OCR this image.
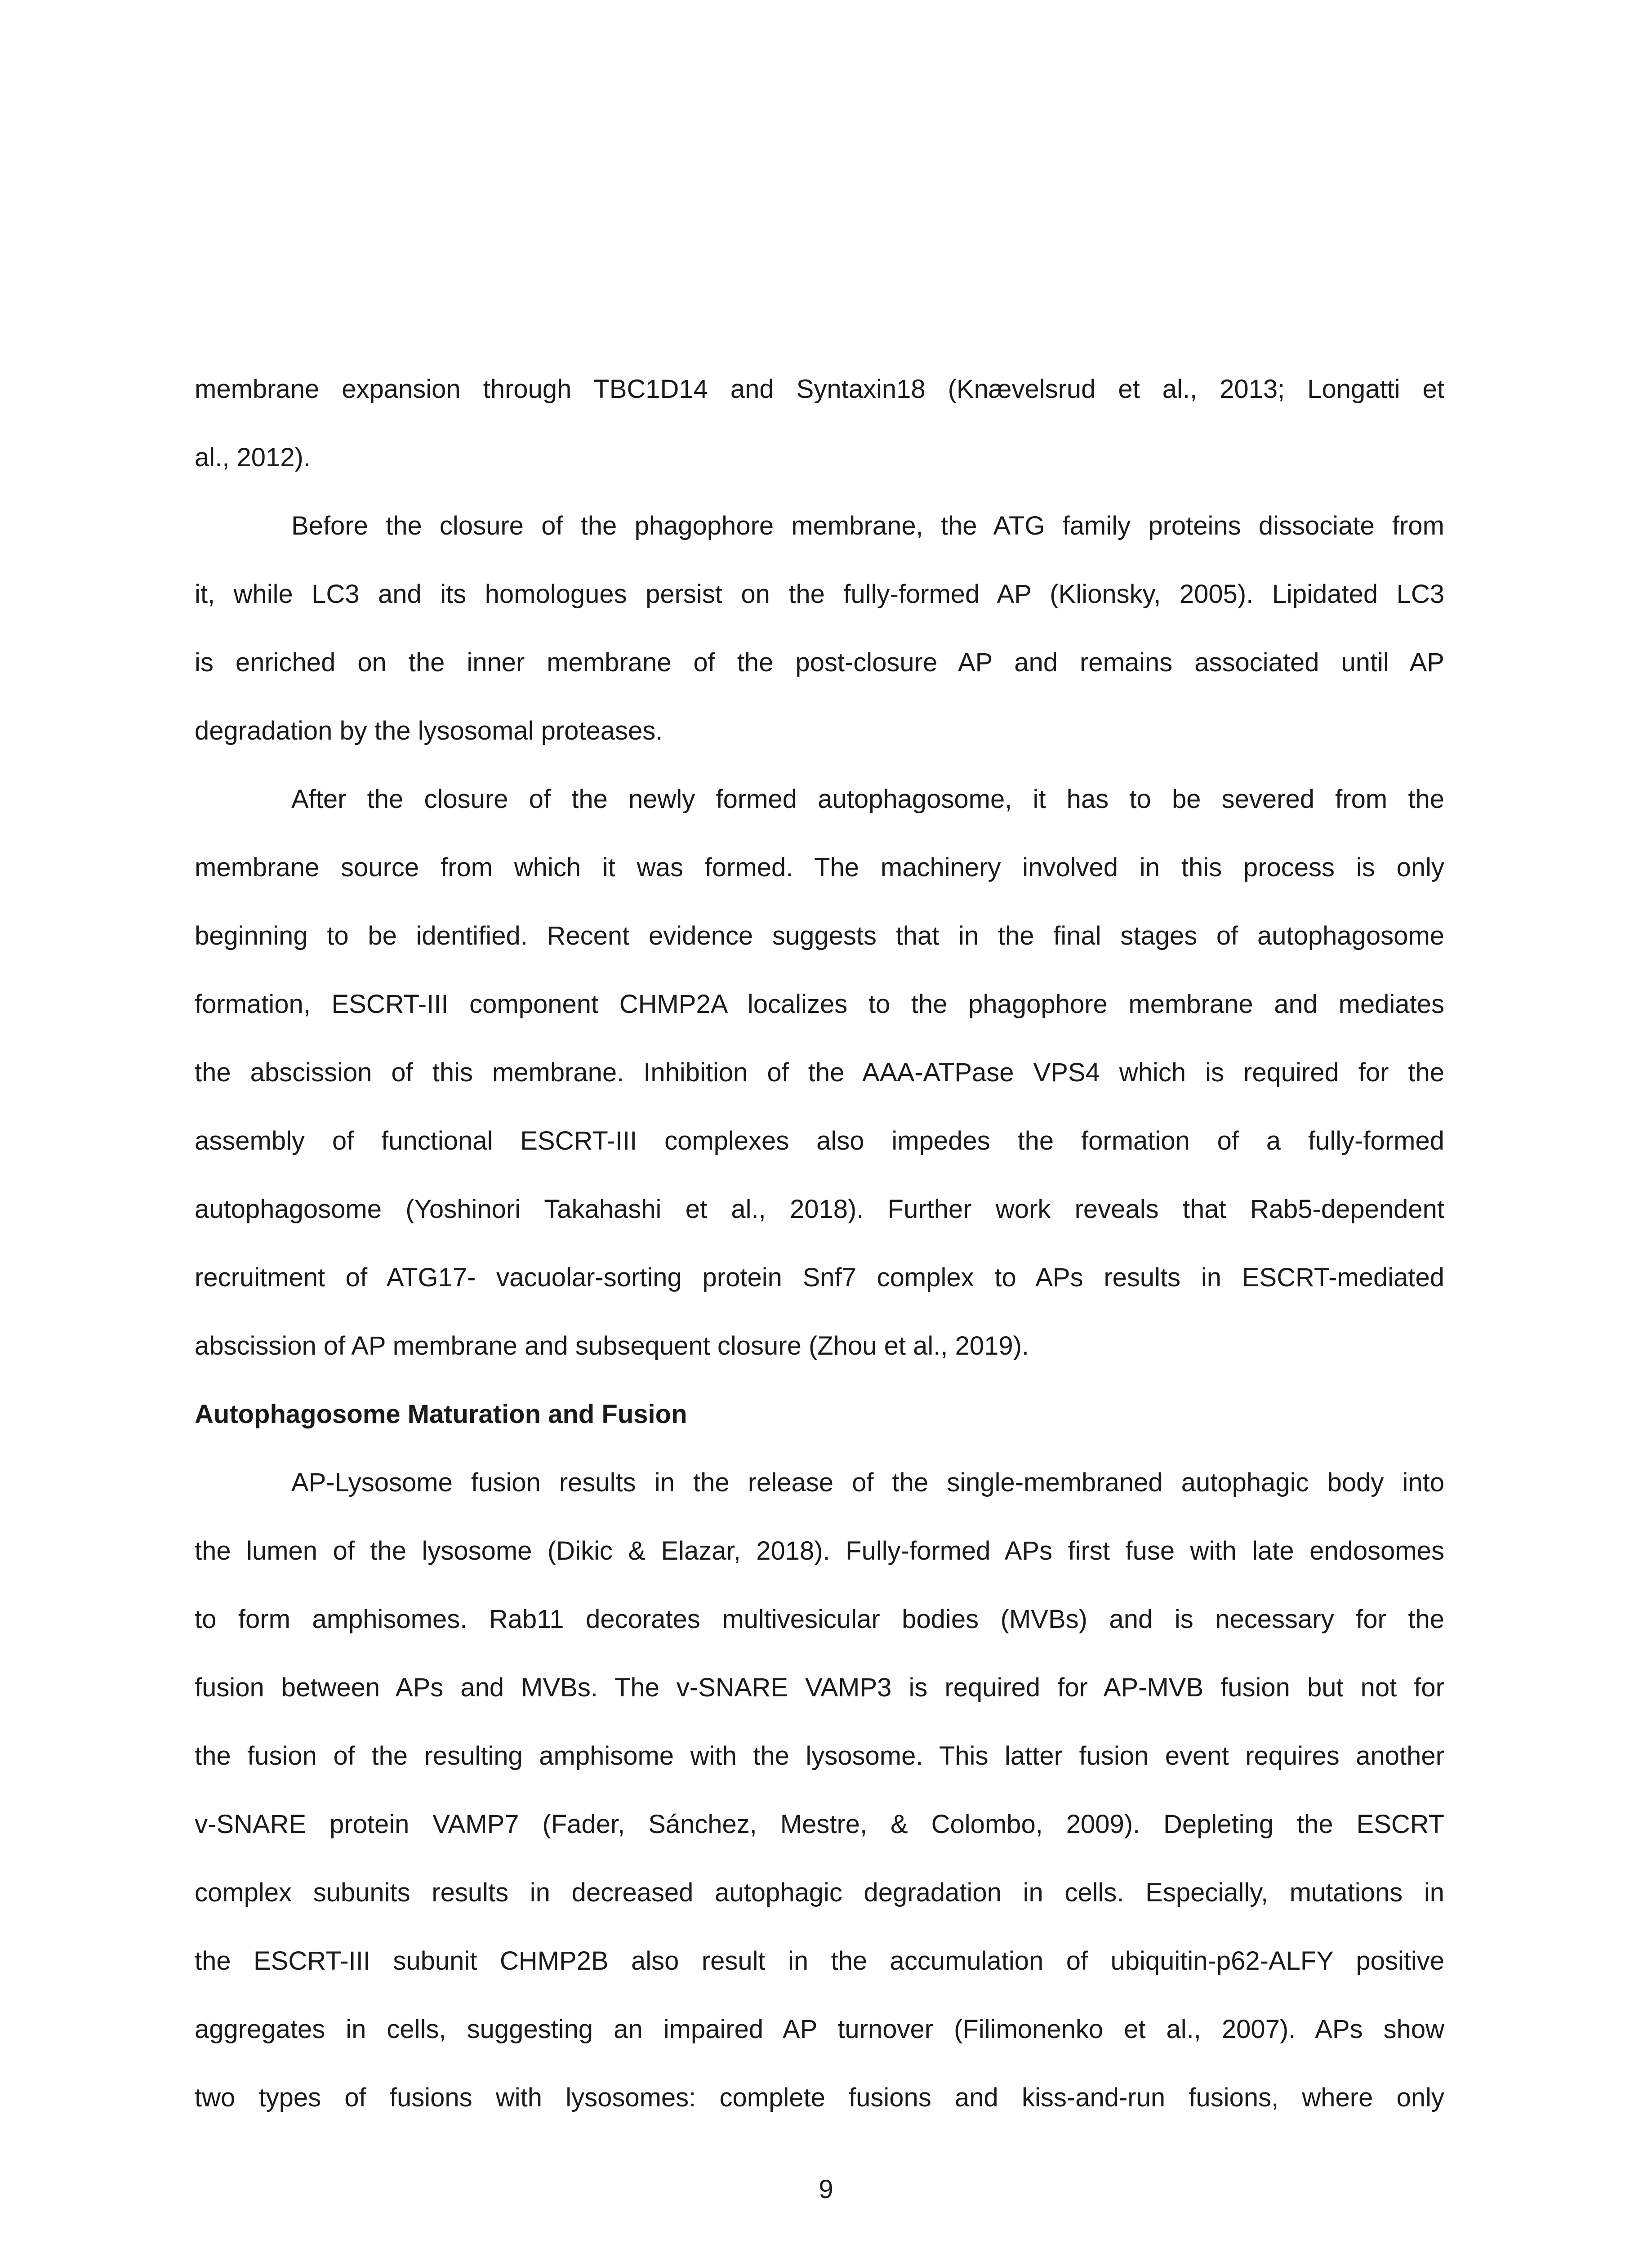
membrane expansion through TBC1D14 and Syntaxin18 (Knævelsrud et al., 2013; Longatti et
al., 2012).
Before the closure of the phagophore membrane, the ATG family proteins dissociate from
it, while LC3 and its homologues persist on the fully-formed AP (Klionsky, 2005). Lipidated LC3
is enriched on the inner membrane of the post-closure AP and remains associated until AP
degradation by the lysosomal proteases.
After the closure of the newly formed autophagosome, it has to be severed from the
membrane source from which it was formed. The machinery involved in this process is only
beginning to be identified. Recent evidence suggests that in the final stages of autophagosome
formation, ESCRT-III component CHMP2A localizes to the phagophore membrane and mediates
the abscission of this membrane. Inhibition of the AAA-ATPase VPS4 which is required for the
assembly of functional ESCRT-III complexes also impedes the formation of a fully-formed
autophagosome (Yoshinori Takahashi et al., 2018). Further work reveals that Rab5-dependent
recruitment of ATG17- vacuolar-sorting protein Snf7 complex to APs results in ESCRT-mediated
abscission of AP membrane and subsequent closure (Zhou et al., 2019).
Autophagosome Maturation and Fusion
AP-Lysosome fusion results in the release of the single-membraned autophagic body into
the lumen of the lysosome (Dikic & Elazar, 2018). Fully-formed APs first fuse with late endosomes
to form amphisomes. Rab11 decorates multivesicular bodies (MVBs) and is necessary for the
fusion between APs and MVBs. The v-SNARE VAMP3 is required for AP-MVB fusion but not for
the fusion of the resulting amphisome with the lysosome. This latter fusion event requires another
v-SNARE protein VAMP7 (Fader, Sánchez, Mestre, & Colombo, 2009). Depleting the ESCRT
complex subunits results in decreased autophagic degradation in cells. Especially, mutations in
the ESCRT-III subunit CHMP2B also result in the accumulation of ubiquitin-p62-ALFY positive
aggregates in cells, suggesting an impaired AP turnover (Filimonenko et al., 2007). APs show
two types of fusions with lysosomes: complete fusions and kiss-and-run fusions, where only
9
